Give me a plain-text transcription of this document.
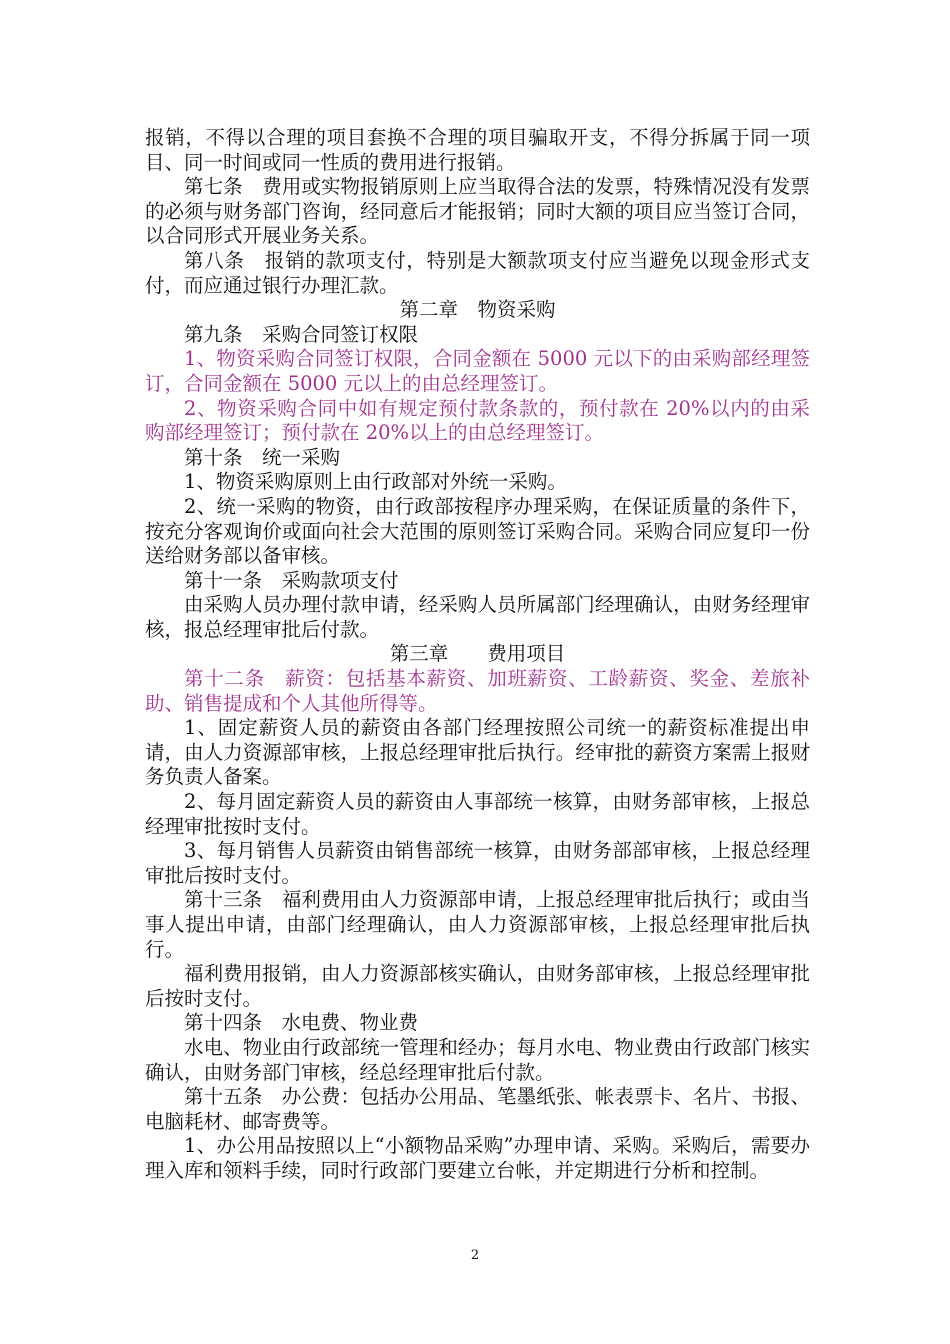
报销，不得以合理的项目套换不合理的项目骗取开支，不得分拆属于同一项目、同一时间或同一性质的费用进行报销。

第七条　费用或实物报销原则上应当取得合法的发票，特殊情况没有发票的必须与财务部门咨询，经同意后才能报销；同时大额的项目应当签订合同，以合同形式开展业务关系。

第八条　报销的款项支付，特别是大额款项支付应当避免以现金形式支付，而应通过银行办理汇款。

第二章　物资采购

第九条　采购合同签订权限

1、物资采购合同签订权限，合同金额在 5000 元以下的由采购部经理签订，合同金额在 5000 元以上的由总经理签订。

2、物资采购合同中如有规定预付款条款的，预付款在 20%以内的由采购部经理签订；预付款在 20%以上的由总经理签订。

第十条　统一采购

1、物资采购原则上由行政部对外统一采购。

2、统一采购的物资，由行政部按程序办理采购，在保证质量的条件下，按充分客观询价或面向社会大范围的原则签订采购合同。采购合同应复印一份送给财务部以备审核。

第十一条　采购款项支付

由采购人员办理付款申请，经采购人员所属部门经理确认，由财务经理审核，报总经理审批后付款。

第三章　　费用项目

第十二条　薪资：包括基本薪资、加班薪资、工龄薪资、奖金、差旅补助、销售提成和个人其他所得等。

1、固定薪资人员的薪资由各部门经理按照公司统一的薪资标准提出申请，由人力资源部审核，上报总经理审批后执行。经审批的薪资方案需上报财务负责人备案。

2、每月固定薪资人员的薪资由人事部统一核算，由财务部审核，上报总经理审批按时支付。

3、每月销售人员薪资由销售部统一核算，由财务部部审核，上报总经理审批后按时支付。

第十三条　福利费用由人力资源部申请，上报总经理审批后执行；或由当事人提出申请，由部门经理确认，由人力资源部审核，上报总经理审批后执行。

福利费用报销，由人力资源部核实确认，由财务部审核，上报总经理审批后按时支付。

第十四条　水电费、物业费

水电、物业由行政部统一管理和经办；每月水电、物业费由行政部门核实确认，由财务部门审核，经总经理审批后付款。

第十五条　办公费：包括办公用品、笔墨纸张、帐表票卡、名片、书报、电脑耗材、邮寄费等。

1、办公用品按照以上“小额物品采购”办理申请、采购。采购后，需要办理入库和领料手续，同时行政部门要建立台帐，并定期进行分析和控制。

2
